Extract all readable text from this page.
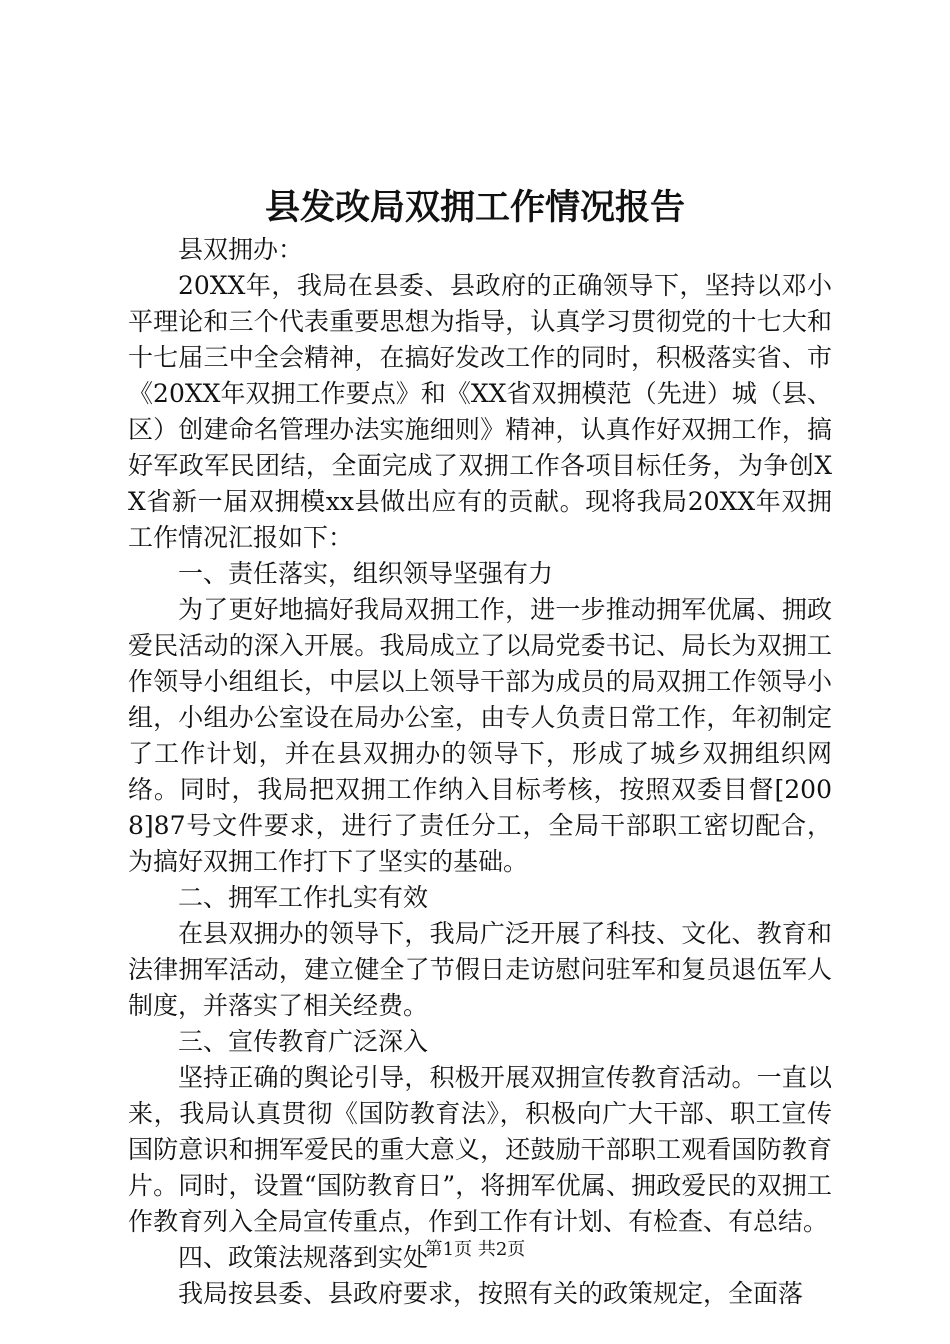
县发改局双拥工作情况报告

县双拥办：

20XX年，我局在县委、县政府的正确领导下，坚持以邓小平理论和三个代表重要思想为指导，认真学习贯彻党的十七大和十七届三中全会精神，在搞好发改工作的同时，积极落实省、市《20XX年双拥工作要点》和《XX省双拥模范（先进）城（县、区）创建命名管理办法实施细则》精神，认真作好双拥工作，搞好军政军民团结，全面完成了双拥工作各项目标任务，为争创XX省新一届双拥模xx县做出应有的贡献。现将我局20XX年双拥工作情况汇报如下：

一、责任落实，组织领导坚强有力

为了更好地搞好我局双拥工作，进一步推动拥军优属、拥政爱民活动的深入开展。我局成立了以局党委书记、局长为双拥工作领导小组组长，中层以上领导干部为成员的局双拥工作领导小组，小组办公室设在局办公室，由专人负责日常工作，年初制定了工作计划，并在县双拥办的领导下，形成了城乡双拥组织网络。同时，我局把双拥工作纳入目标考核，按照双委目督[2008]87号文件要求，进行了责任分工，全局干部职工密切配合，为搞好双拥工作打下了坚实的基础。

二、拥军工作扎实有效

在县双拥办的领导下，我局广泛开展了科技、文化、教育和法律拥军活动，建立健全了节假日走访慰问驻军和复员退伍军人制度，并落实了相关经费。

三、宣传教育广泛深入

坚持正确的舆论引导，积极开展双拥宣传教育活动。一直以来，我局认真贯彻《国防教育法》，积极向广大干部、职工宣传国防意识和拥军爱民的重大意义，还鼓励干部职工观看国防教育片。同时，设置“国防教育日”，将拥军优属、拥政爱民的双拥工作教育列入全局宣传重点，作到工作有计划、有检查、有总结。

四、政策法规落到实处

我局按县委、县政府要求，按照有关的政策规定，全面落

第1页 共2页
